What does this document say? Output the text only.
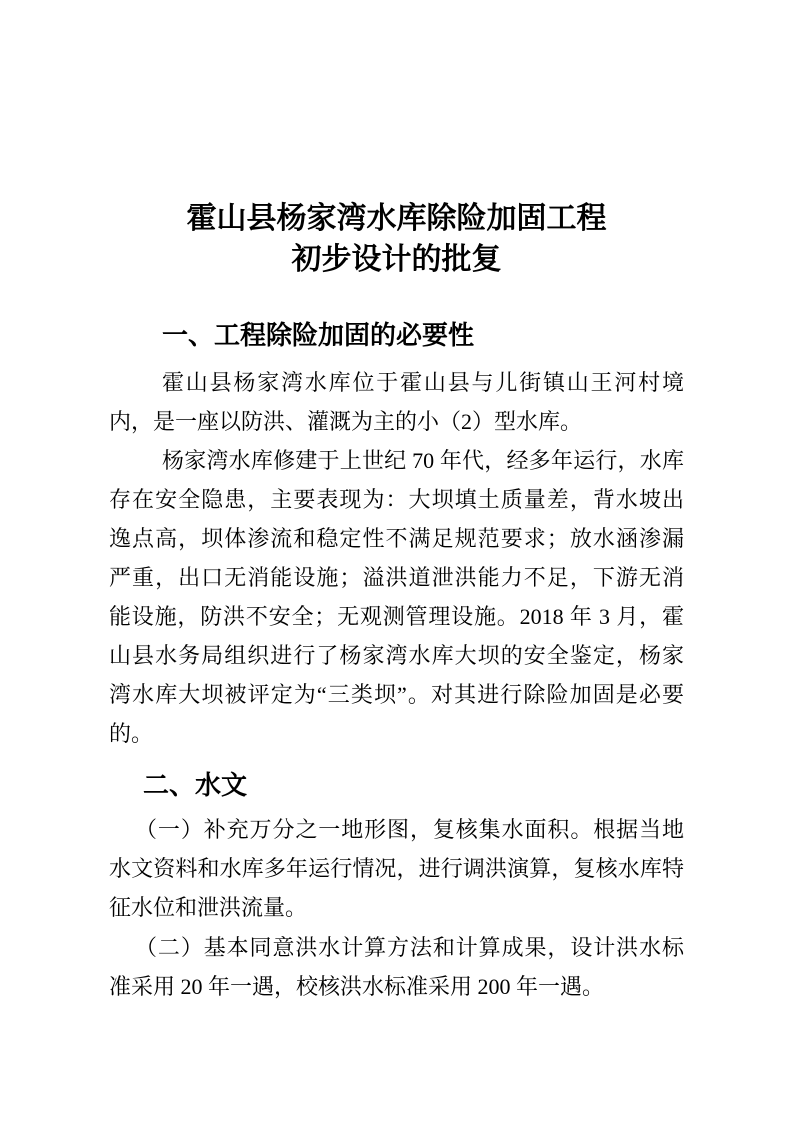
霍山县杨家湾水库除险加固工程
初步设计的批复
一、工程除险加固的必要性
霍山县杨家湾水库位于霍山县与儿街镇山王河村境
内，是一座以防洪、灌溉为主的小（2）型水库。
杨家湾水库修建于上世纪 70 年代，经多年运行，水库
存在安全隐患，主要表现为：大坝填土质量差，背水坡出
逸点高，坝体渗流和稳定性不满足规范要求；放水涵渗漏
严重，出口无消能设施；溢洪道泄洪能力不足，下游无消
能设施，防洪不安全；无观测管理设施。2018 年 3 月，霍
山县水务局组织进行了杨家湾水库大坝的安全鉴定，杨家
湾水库大坝被评定为“三类坝”。对其进行除险加固是必要
的。
二、水文
（一）补充万分之一地形图，复核集水面积。根据当地
水文资料和水库多年运行情况，进行调洪演算，复核水库特
征水位和泄洪流量。
（二）基本同意洪水计算方法和计算成果，设计洪水标
准采用 20 年一遇，校核洪水标准采用 200 年一遇。
